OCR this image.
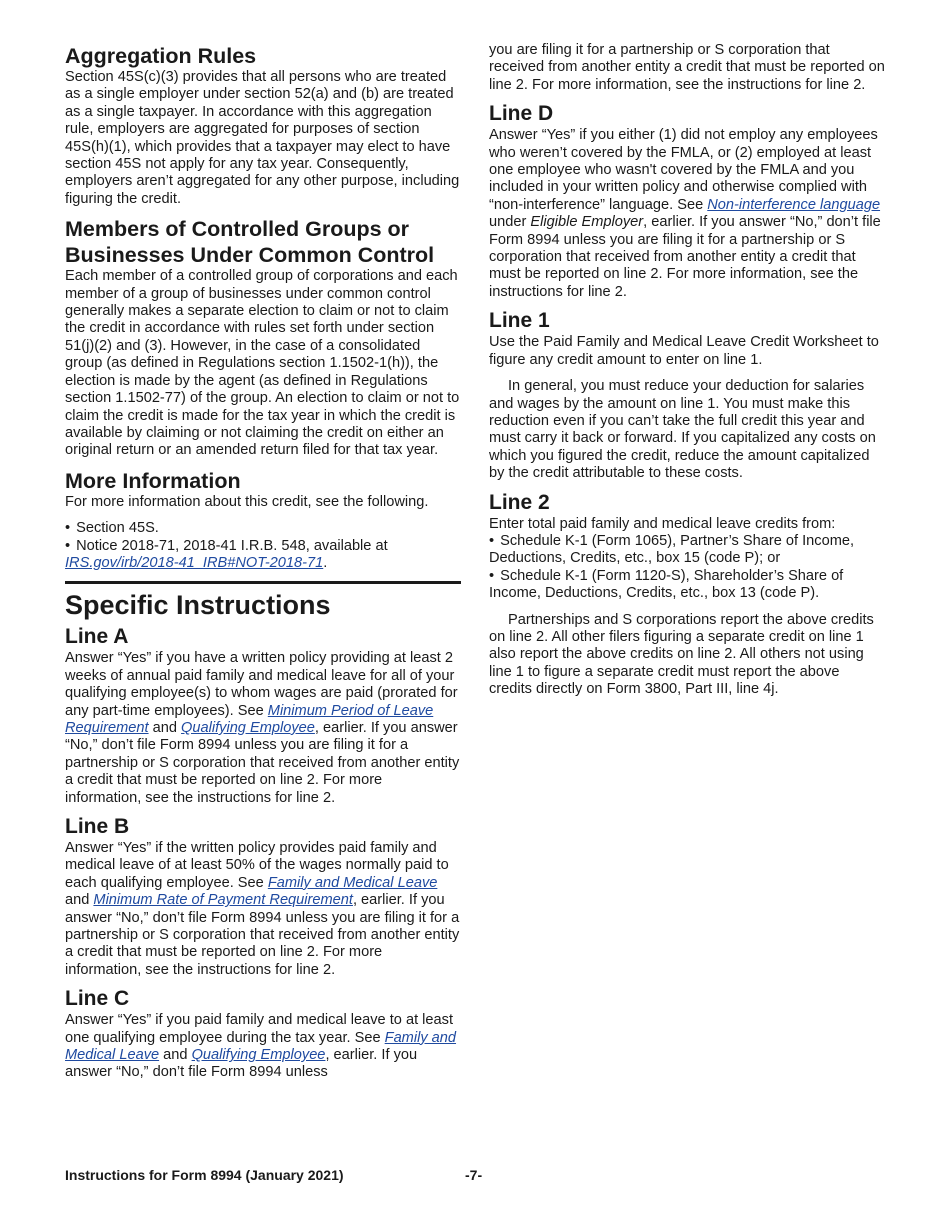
Aggregation Rules

Section 45S(c)(3) provides that all persons who are treated as a single employer under section 52(a) and (b) are treated as a single taxpayer. In accordance with this aggregation rule, employers are aggregated for purposes of section 45S(h)(1), which provides that a taxpayer may elect to have section 45S not apply for any tax year. Consequently, employers aren’t aggregated for any other purpose, including figuring the credit.

Members of Controlled Groups or Businesses Under Common Control

Each member of a controlled group of corporations and each member of a group of businesses under common control generally makes a separate election to claim or not to claim the credit in accordance with rules set forth under section 51(j)(2) and (3). However, in the case of a consolidated group (as defined in Regulations section 1.1502-1(h)), the election is made by the agent (as defined in Regulations section 1.1502-77) of the group. An election to claim or not to claim the credit is made for the tax year in which the credit is available by claiming or not claiming the credit on either an original return or an amended return filed for that tax year.

More Information

For more information about this credit, see the following.

• Section 45S.
• Notice 2018-71, 2018-41 I.R.B. 548, available at
IRS.gov/irb/2018-41_IRB#NOT-2018-71.
Specific Instructions
Line A

Answer “Yes” if you have a written policy providing at least 2 weeks of annual paid family and medical leave for all of your qualifying employee(s) to whom wages are paid (prorated for any part-time employees). See Minimum Period of Leave Requirement and Qualifying Employee, earlier. If you answer “No,” don’t file Form 8994 unless you are filing it for a partnership or S corporation that received from another entity a credit that must be reported on line 2. For more information, see the instructions for line 2.

Line B

Answer “Yes” if the written policy provides paid family and medical leave of at least 50% of the wages normally paid to each qualifying employee. See Family and Medical Leave and Minimum Rate of Payment Requirement, earlier. If you answer “No,” don’t file Form 8994 unless you are filing it for a partnership or S corporation that received from another entity a credit that must be reported on line 2. For more information, see the instructions for line 2.

Line C

Answer “Yes” if you paid family and medical leave to at least one qualifying employee during the tax year. See Family and Medical Leave and Qualifying Employee, earlier. If you answer “No,” don’t file Form 8994 unless

you are filing it for a partnership or S corporation that received from another entity a credit that must be reported on line 2. For more information, see the instructions for line 2.

Line D

Answer “Yes” if you either (1) did not employ any employees who weren’t covered by the FMLA, or (2) employed at least one employee who wasn't covered by the FMLA and you included in your written policy and otherwise complied with “non-interference” language. See Non-interference language under Eligible Employer, earlier. If you answer “No,” don’t file Form 8994 unless you are filing it for a partnership or S corporation that received from another entity a credit that must be reported on line 2. For more information, see the instructions for line 2.

Line 1

Use the Paid Family and Medical Leave Credit Worksheet to figure any credit amount to enter on line 1.

In general, you must reduce your deduction for salaries and wages by the amount on line 1. You must make this reduction even if you can’t take the full credit this year and must carry it back or forward. If you capitalized any costs on which you figured the credit, reduce the amount capitalized by the credit attributable to these costs.

Line 2

Enter total paid family and medical leave credits from:

• Schedule K-1 (Form 1065), Partner’s Share of Income, Deductions, Credits, etc., box 15 (code P); or
• Schedule K-1 (Form 1120-S), Shareholder’s Share of Income, Deductions, Credits, etc., box 13 (code P).

Partnerships and S corporations report the above credits on line 2. All other filers figuring a separate credit on line 1 also report the above credits on line 2. All others not using line 1 to figure a separate credit must report the above credits directly on Form 3800, Part III, line 4j.

Instructions for Form 8994 (January 2021)	-7-
